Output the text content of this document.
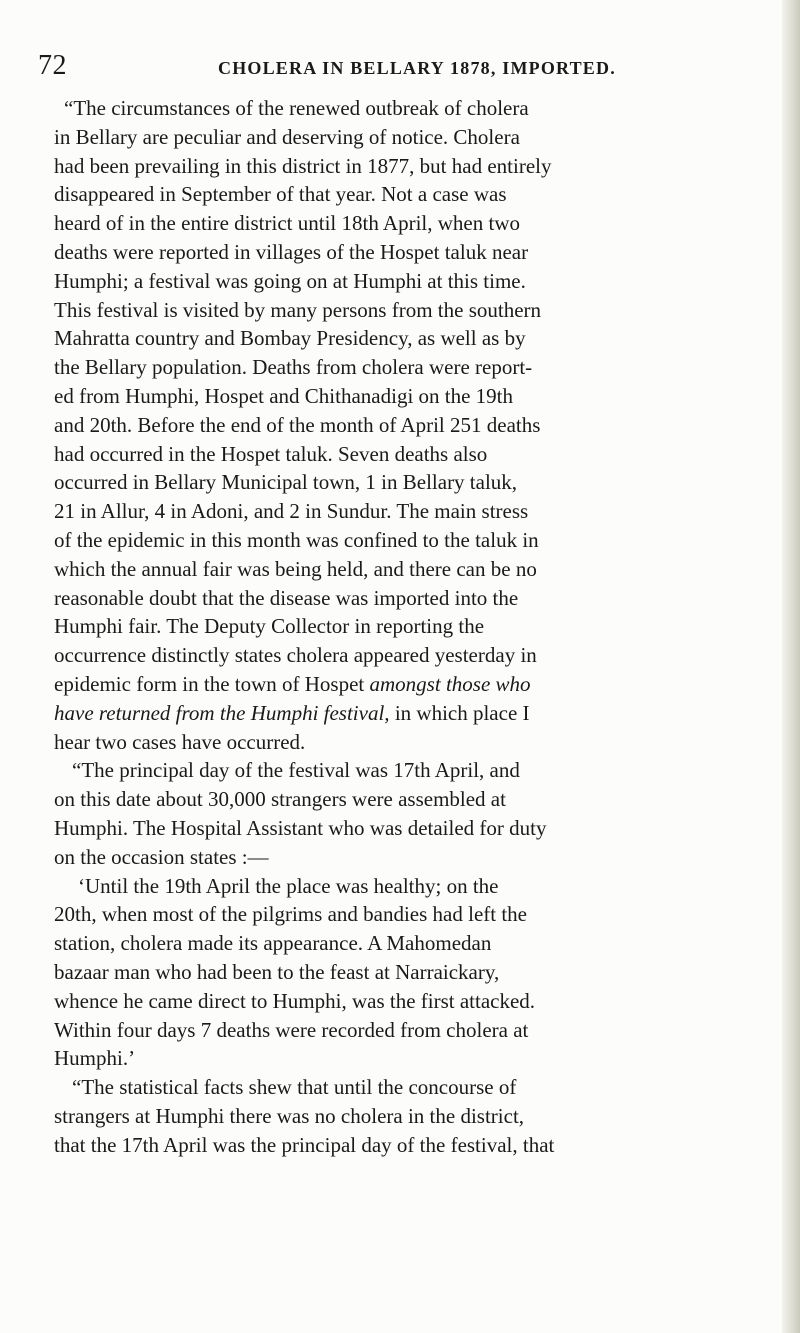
72	CHOLERA IN BELLARY 1878, IMPORTED.
“The circumstances of the renewed outbreak of cholera
in Bellary are peculiar and deserving of notice. Cholera
had been prevailing in this district in 1877, but had entirely
disappeared in September of that year. Not a case was
heard of in the entire district until 18th April, when two
deaths were reported in villages of the Hospet taluk near
Humphi; a festival was going on at Humphi at this time.
This festival is visited by many persons from the southern
Mahratta country and Bombay Presidency, as well as by
the Bellary population. Deaths from cholera were report-
ed from Humphi, Hospet and Chithanadigi on the 19th
and 20th. Before the end of the month of April 251 deaths
had occurred in the Hospet taluk. Seven deaths also
occurred in Bellary Municipal town, 1 in Bellary taluk,
21 in Allur, 4 in Adoni, and 2 in Sundur. The main stress
of the epidemic in this month was confined to the taluk in
which the annual fair was being held, and there can be no
reasonable doubt that the disease was imported into the
Humphi fair. The Deputy Collector in reporting the
occurrence distinctly states cholera appeared yesterday in
epidemic form in the town of Hospet amongst those who
have returned from the Humphi festival, in which place I
hear two cases have occurred.
“The principal day of the festival was 17th April, and
on this date about 30,000 strangers were assembled at
Humphi. The Hospital Assistant who was detailed for duty
on the occasion states :—
‘Until the 19th April the place was healthy; on the
20th, when most of the pilgrims and bandies had left the
station, cholera made its appearance. A Mahomedan
bazaar man who had been to the feast at Narraickary,
whence he came direct to Humphi, was the first attacked.
Within four days 7 deaths were recorded from cholera at
Humphi.’
“The statistical facts shew that until the concourse of
strangers at Humphi there was no cholera in the district,
that the 17th April was the principal day of the festival, that
